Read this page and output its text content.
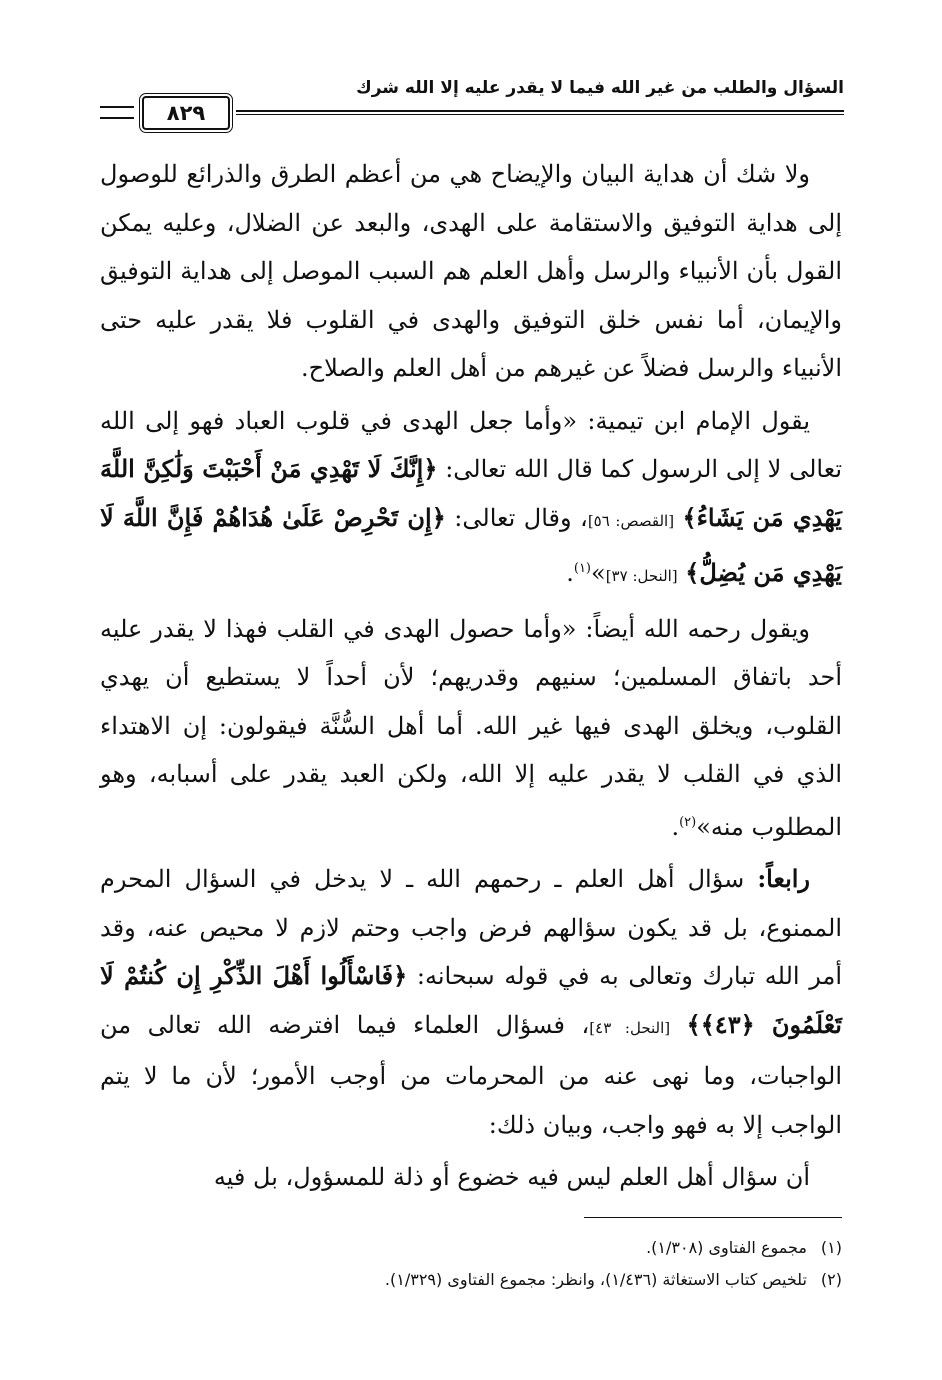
السؤال والطلب من غير الله فيما لا يقدر عليه إلا الله شرك
٨٢٩

ولا شك أن هداية البيان والإيضاح هي من أعظم الطرق والذرائع للوصول إلى هداية التوفيق والاستقامة على الهدى، والبعد عن الضلال، وعليه يمكن القول بأن الأنبياء والرسل وأهل العلم هم السبب الموصل إلى هداية التوفيق والإيمان، أما نفس خلق التوفيق والهدى في القلوب فلا يقدر عليه حتى الأنبياء والرسل فضلاً عن غيرهم من أهل العلم والصلاح.

يقول الإمام ابن تيمية: «وأما جعل الهدى في قلوب العباد فهو إلى الله تعالى لا إلى الرسول كما قال الله تعالى: ﴿إِنَّكَ لَا تَهْدِي مَنْ أَحْبَبْتَ وَلَٰكِنَّ اللَّهَ يَهْدِي مَن يَشَاءُ﴾ [القصص: ٥٦]، وقال تعالى: ﴿إِن تَحْرِصْ عَلَىٰ هُدَاهُمْ فَإِنَّ اللَّهَ لَا يَهْدِي مَن يُضِلُّ﴾ [النحل: ٣٧]»$^{(١)}$.

ويقول رحمه الله أيضاً: «وأما حصول الهدى في القلب فهذا لا يقدر عليه أحد باتفاق المسلمين؛ سنيهم وقدريهم؛ لأن أحداً لا يستطيع أن يهدي القلوب، ويخلق الهدى فيها غير الله. أما أهل السُّنَّة فيقولون: إن الاهتداء الذي في القلب لا يقدر عليه إلا الله، ولكن العبد يقدر على أسبابه، وهو المطلوب منه»$^{(٢)}$.

رابعاً: سؤال أهل العلم ـ رحمهم الله ـ لا يدخل في السؤال المحرم الممنوع، بل قد يكون سؤالهم فرض واجب وحتم لازم لا محيص عنه، وقد أمر الله تبارك وتعالى به في قوله سبحانه: ﴿فَاسْأَلُوا أَهْلَ الذِّكْرِ إِن كُنتُمْ لَا تَعْلَمُونَ ﴿٤٣﴾﴾ [النحل: ٤٣]، فسؤال العلماء فيما افترضه الله تعالى من الواجبات، وما نهى عنه من المحرمات من أوجب الأمور؛ لأن ما لا يتم الواجب إلا به فهو واجب، وبيان ذلك:

أن سؤال أهل العلم ليس فيه خضوع أو ذلة للمسؤول، بل فيه

(١)
مجموع الفتاوى (١/٣٠٨).
(٢)
تلخيص كتاب الاستغاثة (١/٤٣٦)، وانظر: مجموع الفتاوى (١/٣٢٩).
